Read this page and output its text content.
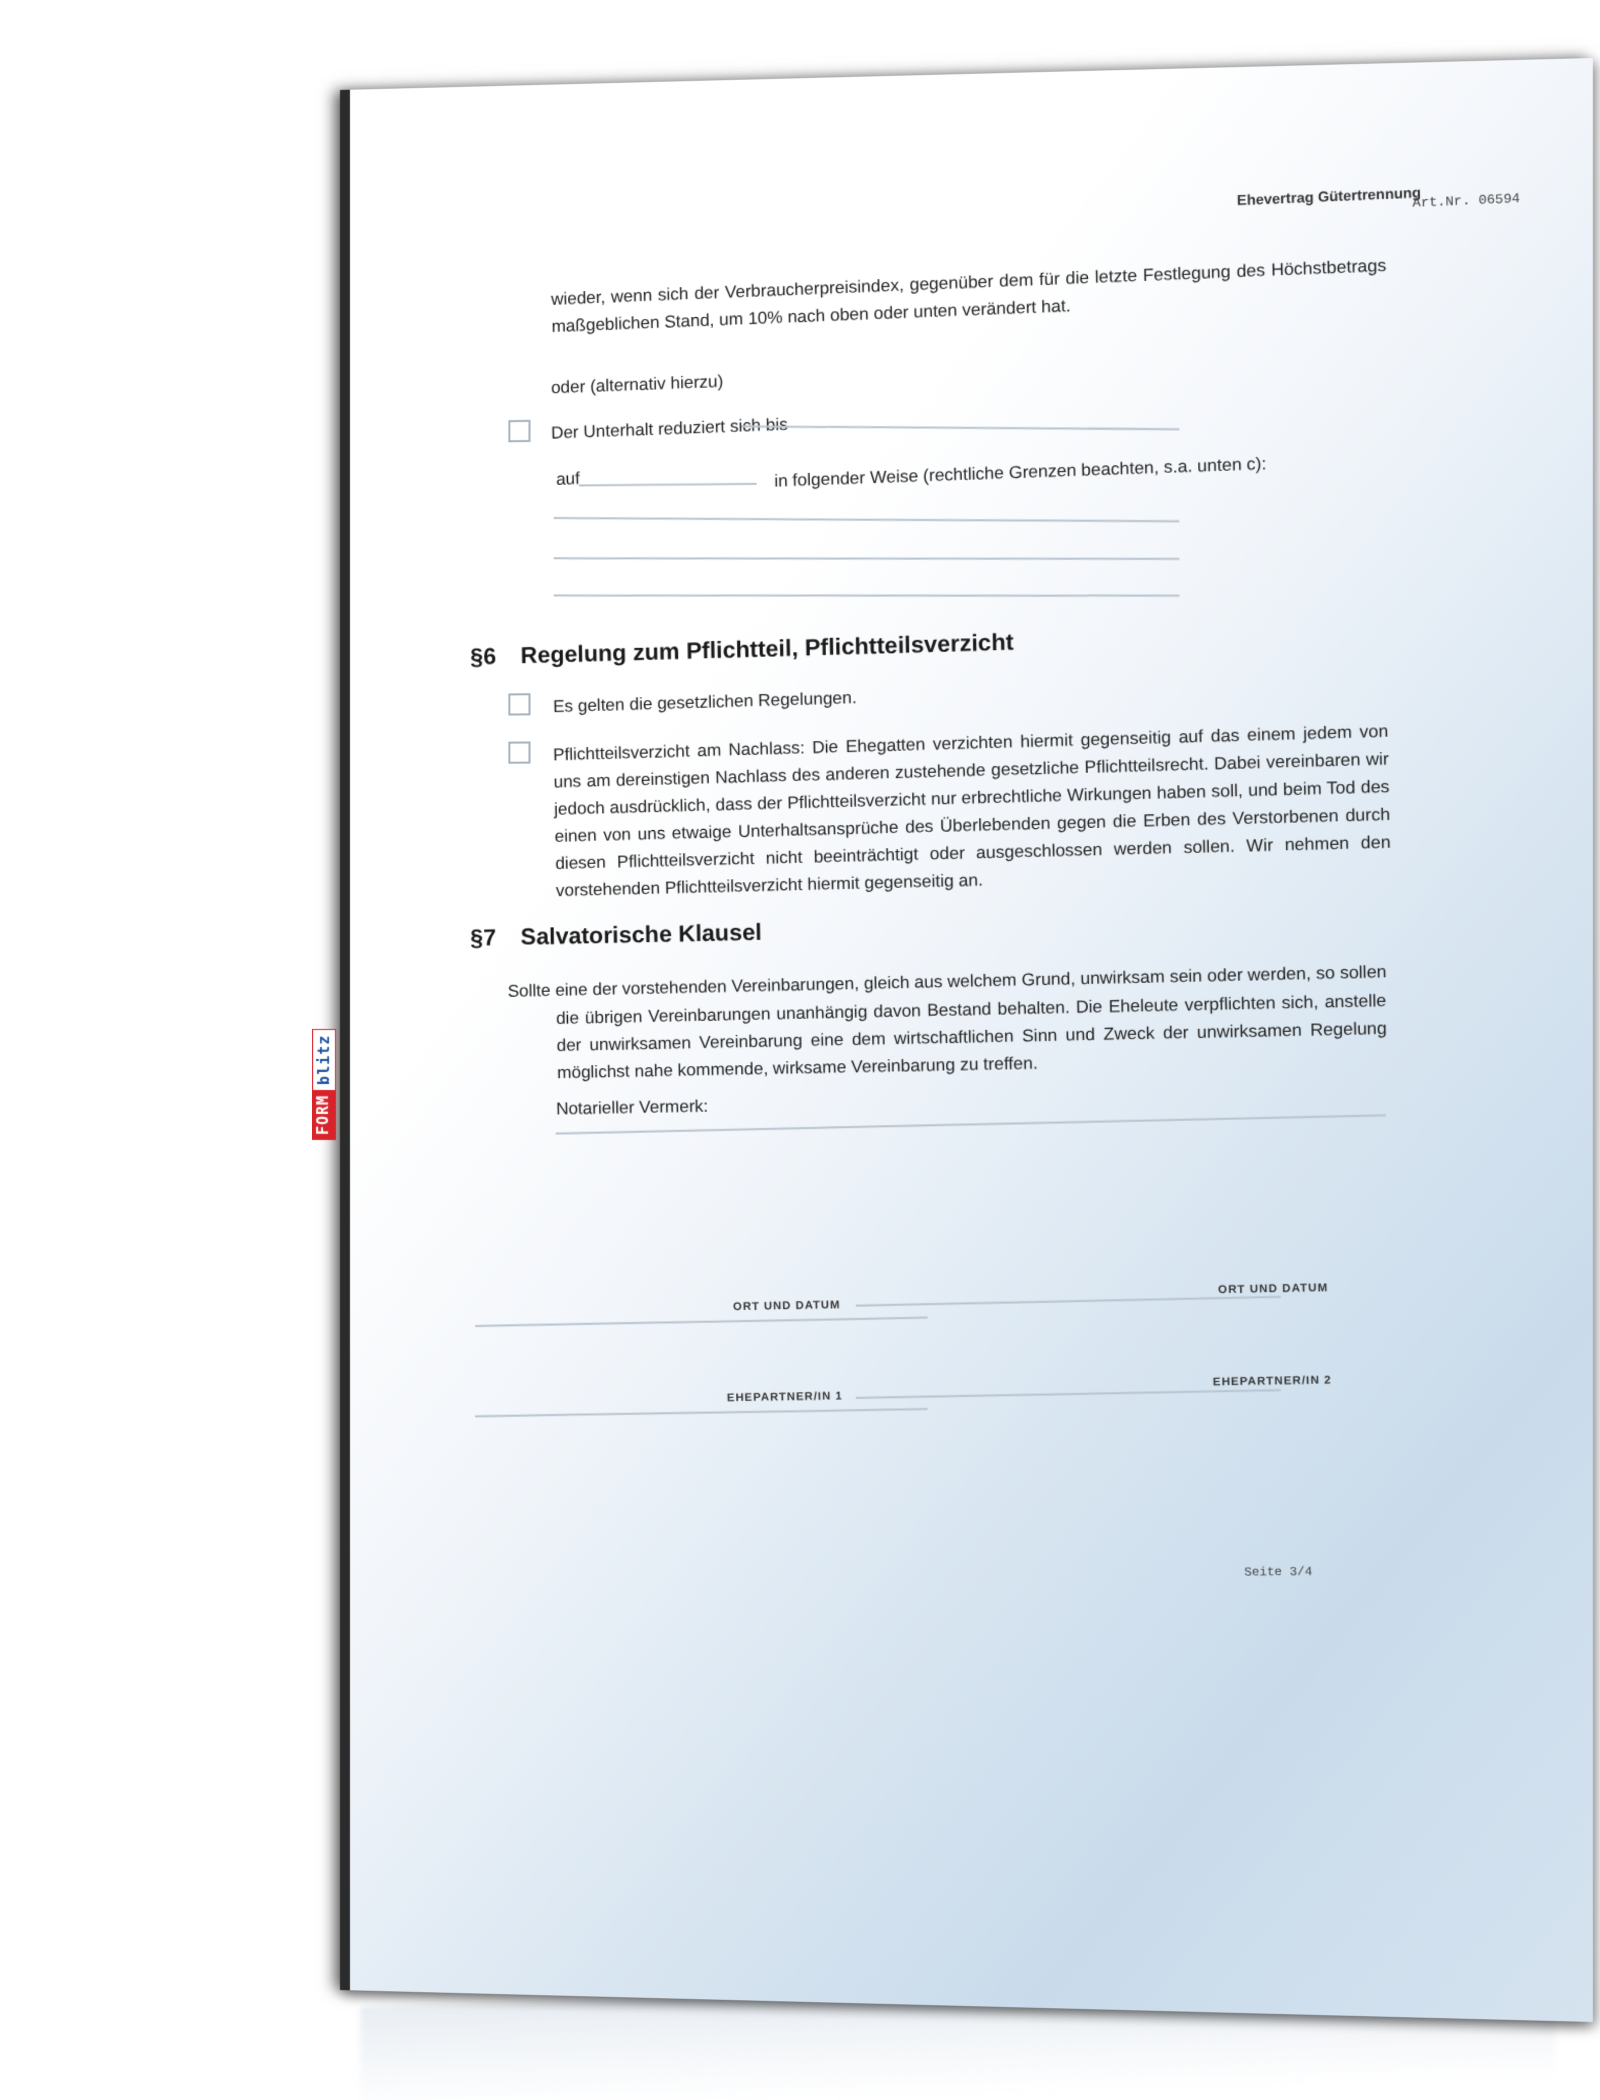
Ehevertrag Gütertrennung
Art.Nr. 06594
wieder, wenn sich der Verbraucherpreisindex, gegenüber dem für die letzte Festlegung des Höchstbetrags maßgeblichen Stand, um 10% nach oben oder unten verändert hat.
oder (alternativ hierzu)
Der Unterhalt reduziert sich bis
auf	in folgender Weise (rechtliche Grenzen beachten, s.a. unten c):
§6 Regelung zum Pflichtteil, Pflichtteilsverzicht
Es gelten die gesetzlichen Regelungen.
Pflichtteilsverzicht am Nachlass: Die Ehegatten verzichten hiermit gegenseitig auf das einem jedem von uns am dereinstigen Nachlass des anderen zustehende gesetzliche Pflichtteilsrecht. Dabei vereinbaren wir jedoch ausdrücklich, dass der Pflichtteilsverzicht nur erbrechtliche Wirkungen haben soll, und beim Tod des einen von uns etwaige Unterhaltsansprüche des Überlebenden gegen die Erben des Verstorbenen durch diesen Pflichtteilsverzicht nicht beeinträchtigt oder ausgeschlossen werden sollen. Wir nehmen den vorstehenden Pflichtteilsverzicht hiermit gegenseitig an.
§7 Salvatorische Klausel
Sollte eine der vorstehenden Vereinbarungen, gleich aus welchem Grund, unwirksam sein oder werden, so sollen
die übrigen Vereinbarungen unanhängig davon Bestand behalten. Die Eheleute verpflichten sich, anstelle der unwirksamen Vereinbarung eine dem wirtschaftlichen Sinn und Zweck der unwirksamen Regelung möglichst nahe kommende, wirksame Vereinbarung zu treffen.
Notarieller Vermerk:
ORT UND DATUM
ORT UND DATUM
EHEPARTNER/IN 1
EHEPARTNER/IN 2
Seite 3/4
FORM
blitz
